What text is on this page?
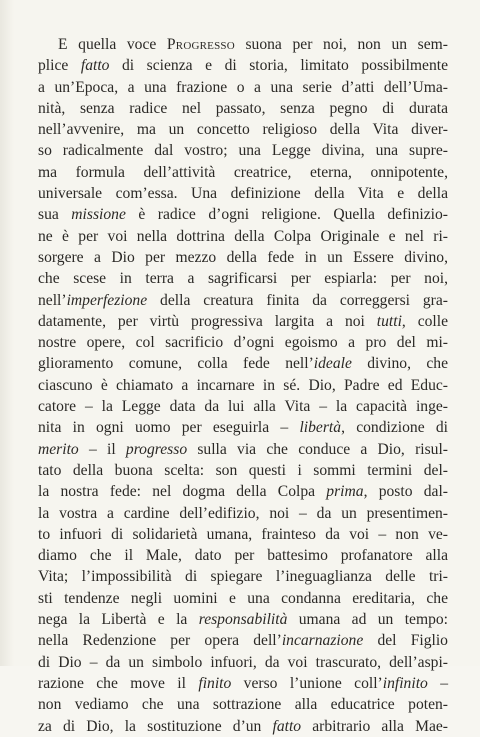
E quella voce Progresso suona per noi, non un sem-
plice fatto di scienza e di storia, limitato possibilmente
a un’Epoca, a una frazione o a una serie d’atti dell’Uma-
nità, senza radice nel passato, senza pegno di durata
nell’avvenire, ma un concetto religioso della Vita diver-
so radicalmente dal vostro; una Legge divina, una supre-
ma formula dell’attività creatrice, eterna, onnipotente,
universale com’essa. Una definizione della Vita e della
sua missione è radice d’ogni religione. Quella definizio-
ne è per voi nella dottrina della Colpa Originale e nel ri-
sorgere a Dio per mezzo della fede in un Essere divino,
che scese in terra a sagrificarsi per espiarla: per noi,
nell’imperfezione della creatura finita da correggersi gra-
datamente, per virtù progressiva largita a noi tutti, colle
nostre opere, col sacrificio d’ogni egoismo a pro del mi-
glioramento comune, colla fede nell’ideale divino, che
ciascuno è chiamato a incarnare in sé. Dio, Padre ed Educ-
catore – la Legge data da lui alla Vita – la capacità inge-
nita in ogni uomo per eseguirla – libertà, condizione di
merito – il progresso sulla via che conduce a Dio, risul-
tato della buona scelta: son questi i sommi termini del-
la nostra fede: nel dogma della Colpa prima, posto dal-
la vostra a cardine dell’edifizio, noi – da un presentimen-
to infuori di solidarietà umana, frainteso da voi – non ve-
diamo che il Male, dato per battesimo profanatore alla
Vita; l’impossibilità di spiegare l’ineguaglianza delle tri-
sti tendenze negli uomini e una condanna ereditaria, che
nega la Libertà e la responsabilità umana ad un tempo:
nella Redenzione per opera dell’incarnazione del Figlio
di Dio – da un simbolo infuori, da voi trascurato, dell’aspi-
razione che move il finito verso l’unione coll’infinito –
non vediamo che una sottrazione alla educatrice poten-
za di Dio, la sostituzione d’un fatto arbitrario alla Mae-
